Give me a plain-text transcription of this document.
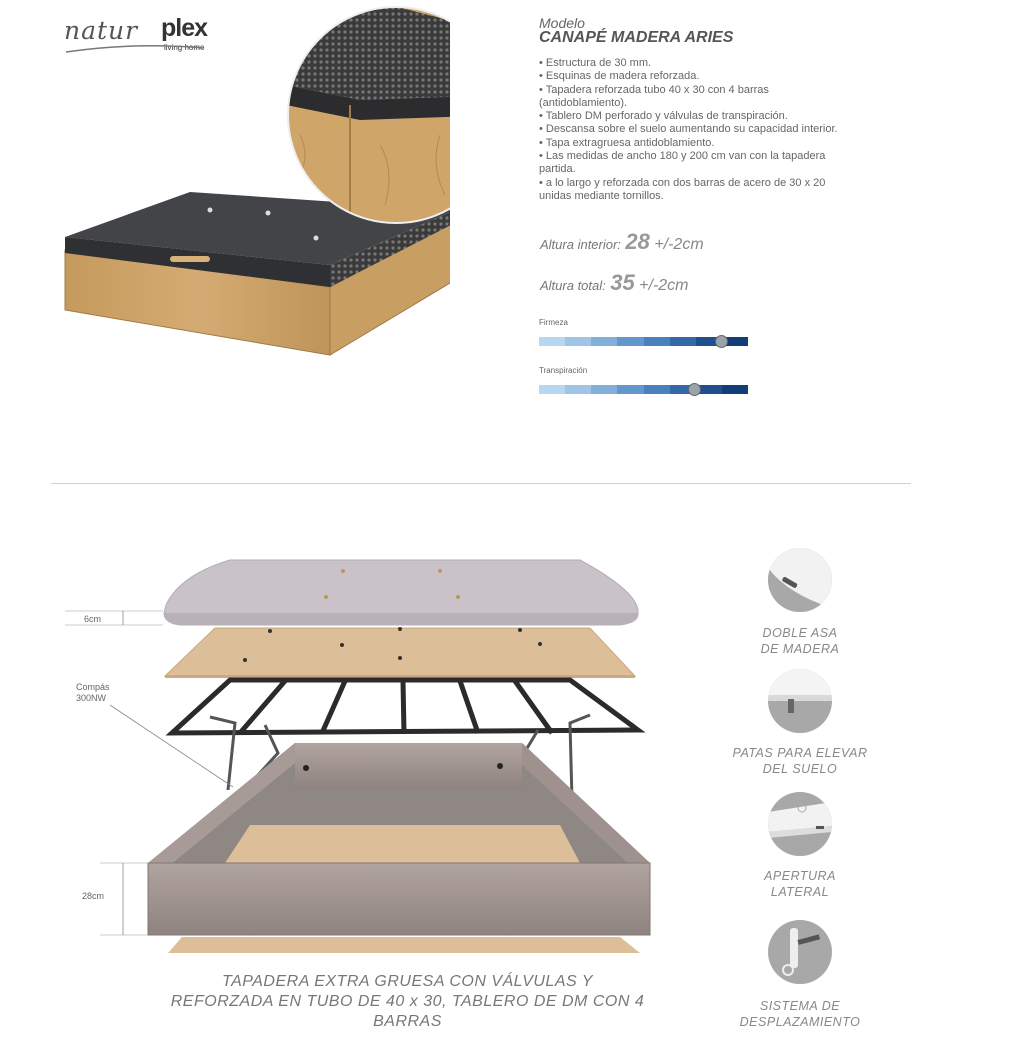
natur plex
living home
Modelo
CANAPÉ MADERA ARIES
• Estructura de 30 mm.
• Esquinas de madera reforzada.
• Tapadera reforzada tubo 40 x 30 con 4 barras (antidoblamiento).
• Tablero DM perforado y válvulas de transpiración.
• Descansa sobre el suelo aumentando su capacidad interior.
• Tapa extragruesa antidoblamiento.
• Las medidas de ancho 180 y 200 cm van con la tapadera partida.
• a lo largo y reforzada con dos barras de acero de 30 x 20 unidas mediante tornillos.
Altura interior: 28 +/-2cm
Altura total: 35 +/-2cm
Firmeza
Transpiración
6cm
Compás
300NW
28cm
TAPADERA EXTRA GRUESA CON VÁLVULAS Y REFORZADA EN TUBO DE 40 x 30, TABLERO DE DM CON 4 BARRAS
DOBLE ASA
DE MADERA
PATAS PARA ELEVAR
DEL SUELO
APERTURA
LATERAL
SISTEMA DE
DESPLAZAMIENTO
